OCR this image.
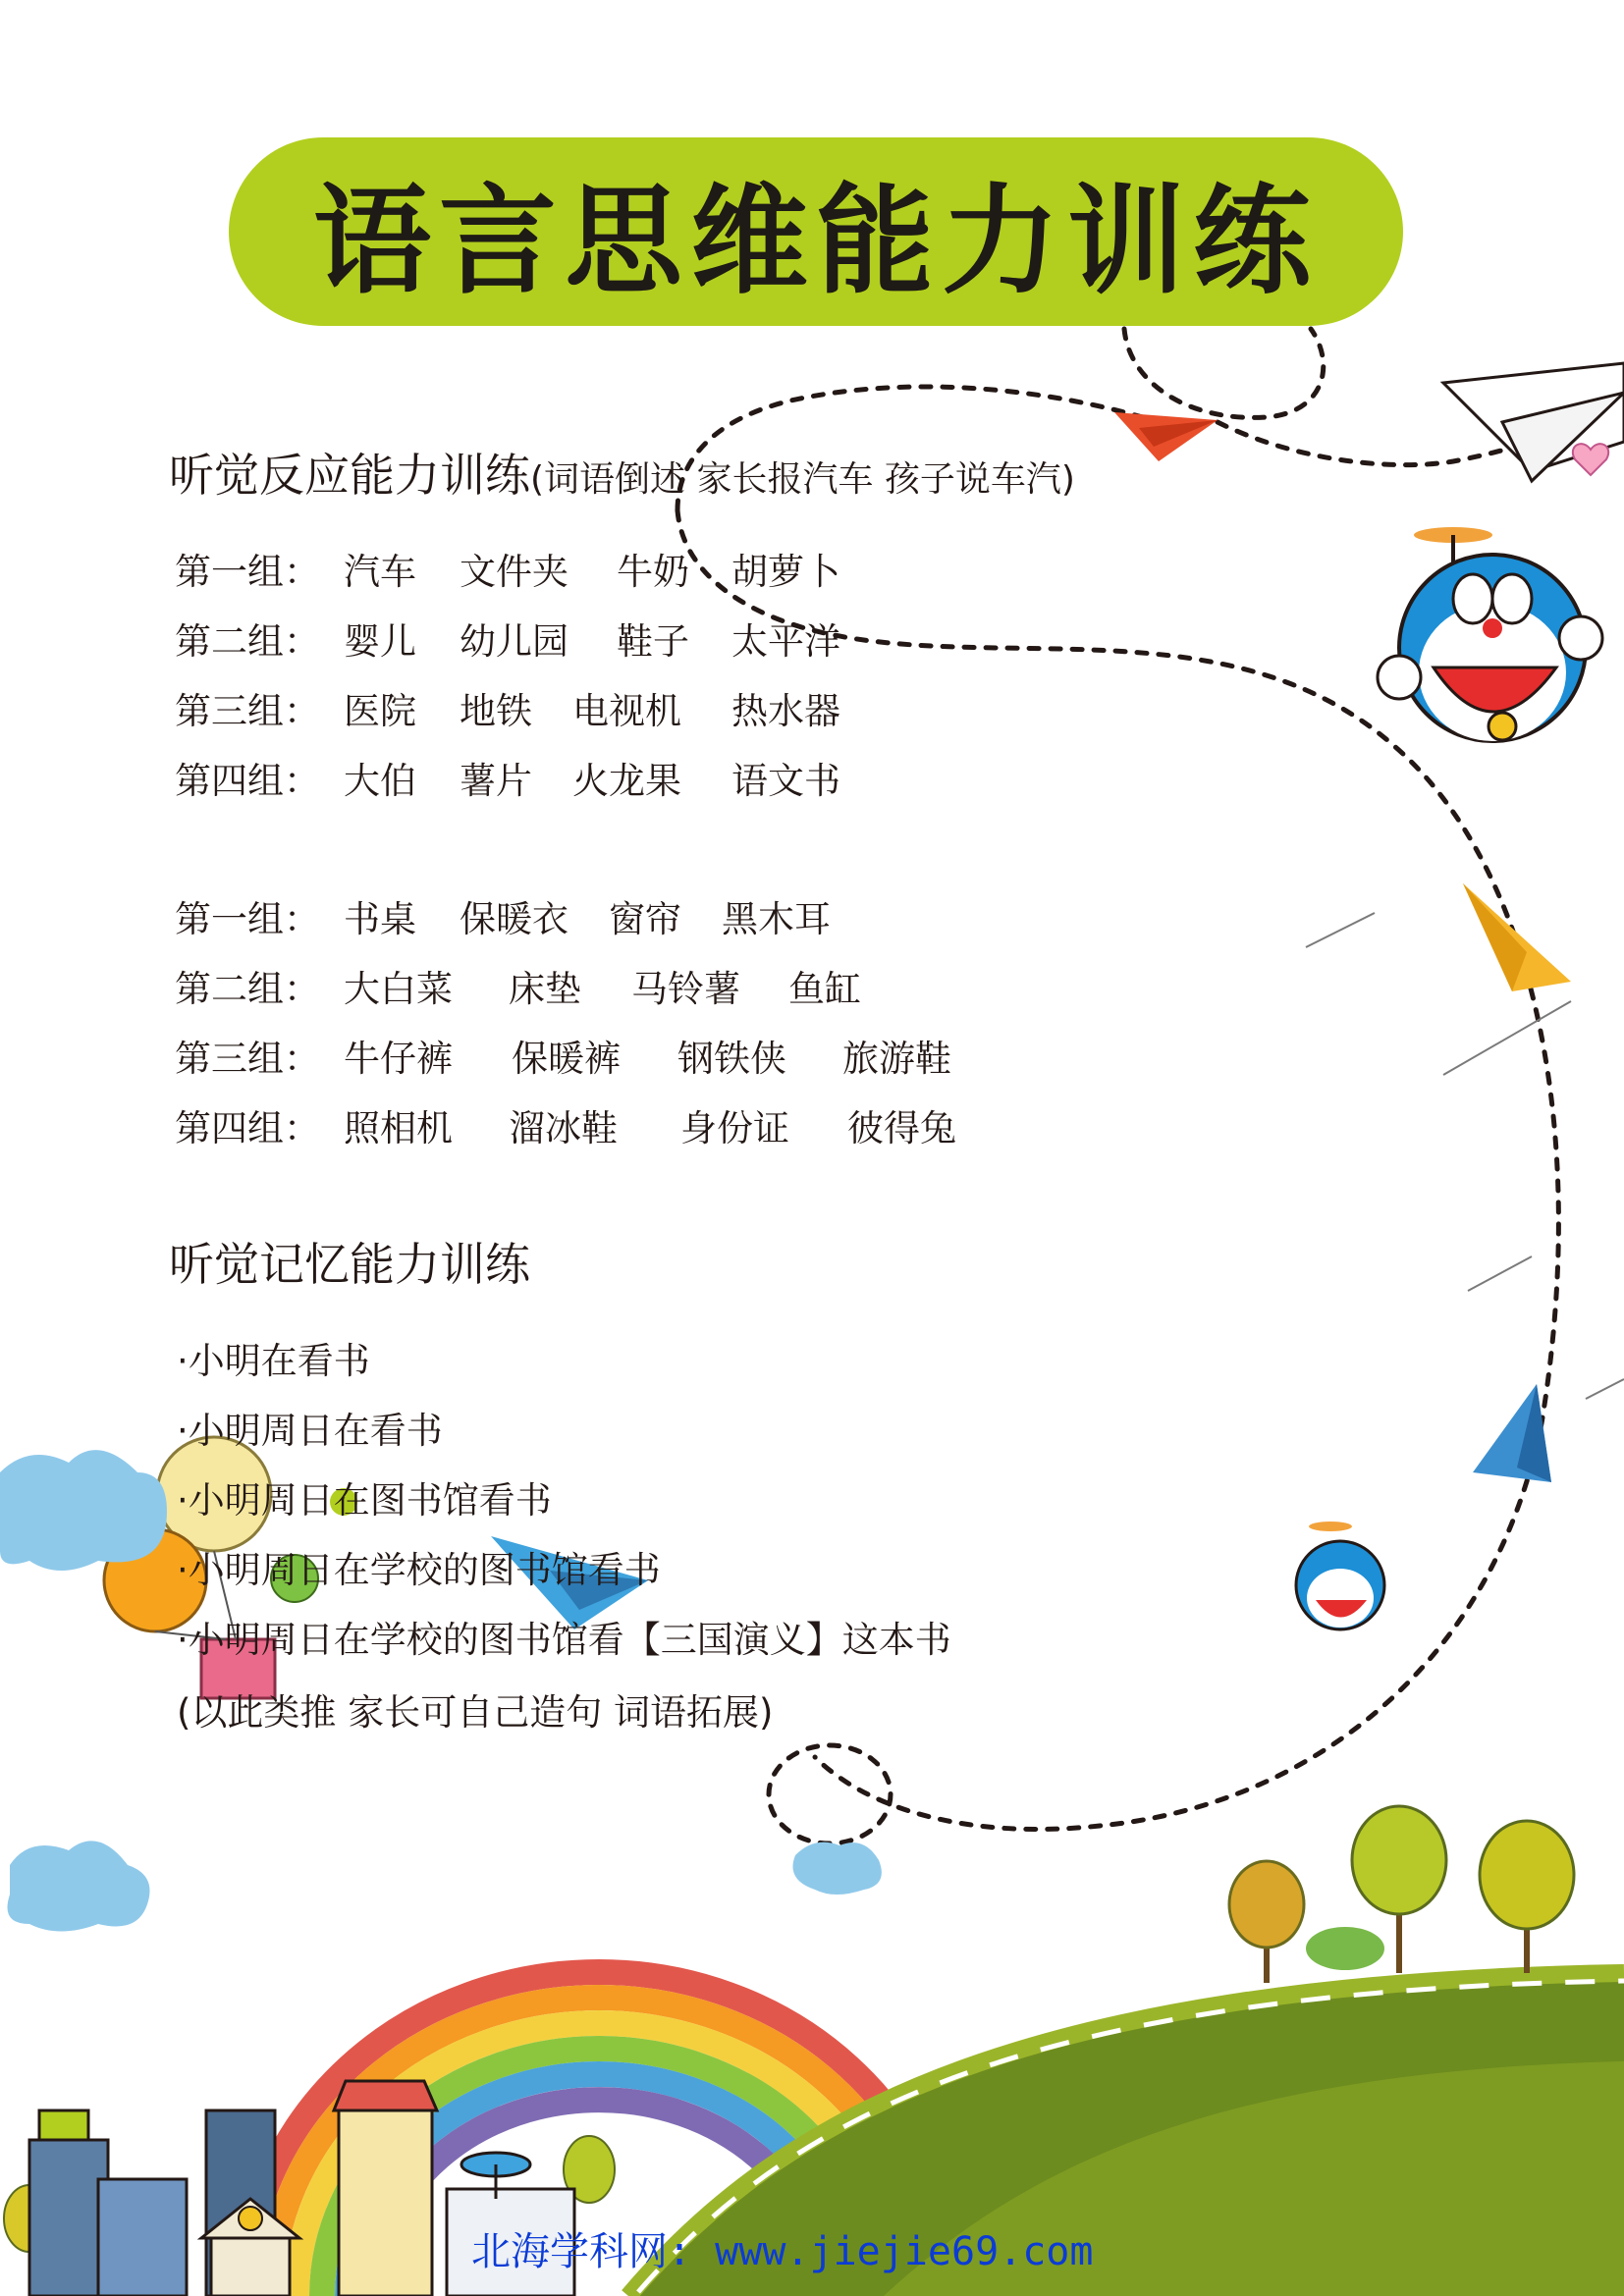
语言思维能力训练
听觉反应能力训练(词语倒述 家长报汽车 孩子说车汽)
第一组： 汽车 文件夹 牛奶 胡萝卜
第二组： 婴儿 幼儿园 鞋子 太平洋
第三组： 医院 地铁 电视机 热水器
第四组： 大伯 薯片 火龙果 语文书
第一组： 书桌 保暖衣 窗帘 黑木耳
第二组： 大白菜 床垫 马铃薯 鱼缸
第三组： 牛仔裤 保暖裤 钢铁侠 旅游鞋
第四组： 照相机 溜冰鞋 身份证 彼得兔
听觉记忆能力训练
·小明在看书
·小明周日在看书
·小明周日在图书馆看书
·小明周日在学校的图书馆看书
·小明周日在学校的图书馆看【三国演义】这本书
(以此类推 家长可自己造句 词语拓展)
北海学科网: www.jiejie69.com
